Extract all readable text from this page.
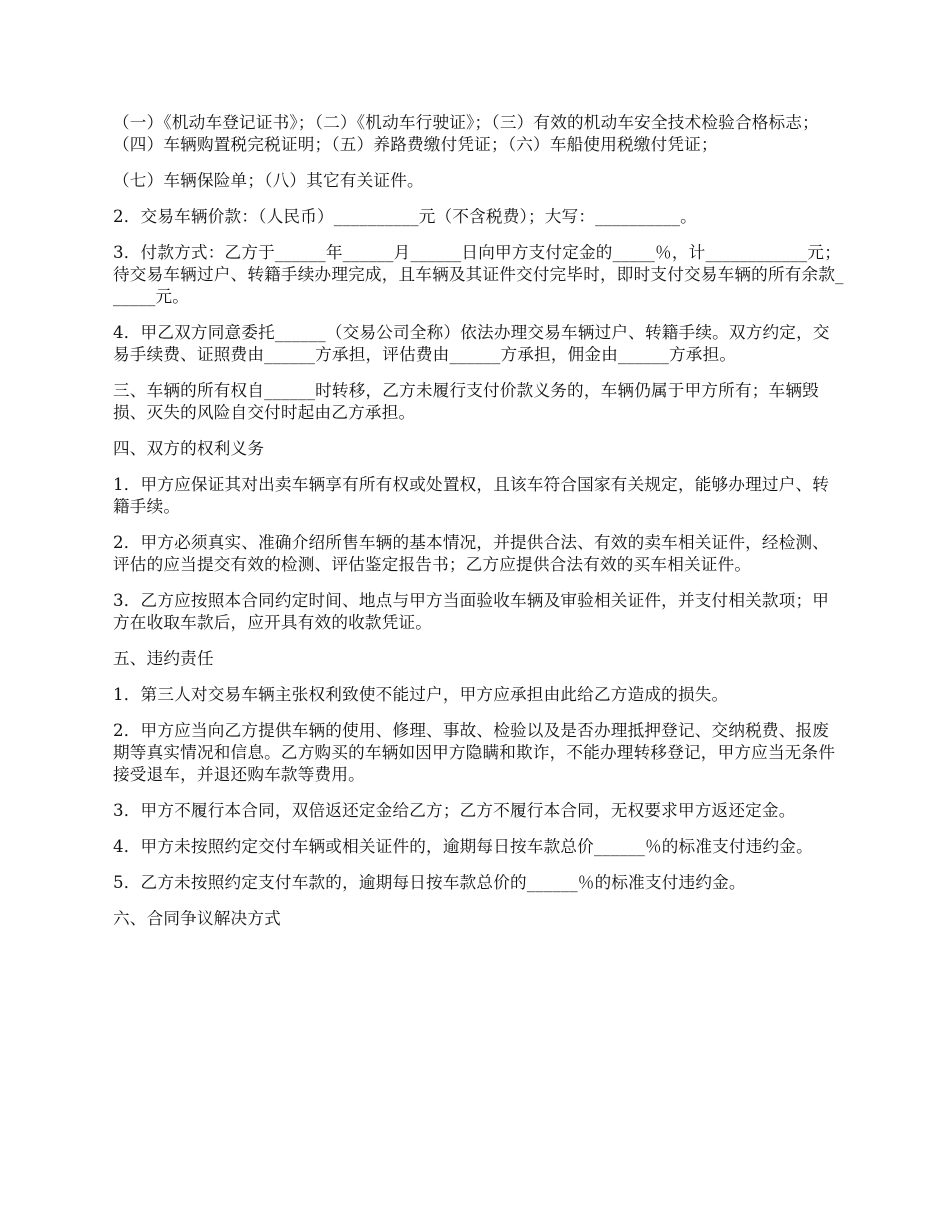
（一）《机动车登记证书》；（二）《机动车行驶证》；（三）有效的机动车安全技术检验合格标志；（四）车辆购置税完税证明；（五）养路费缴付凭证；（六）车船使用税缴付凭证；

（七）车辆保险单；（八）其它有关证件。

2．交易车辆价款：（人民币）__________元（不含税费）；大写：__________。

3．付款方式：乙方于______年______月______日向甲方支付定金的_____％，计____________元；待交易车辆过户、转籍手续办理完成，且车辆及其证件交付完毕时，即时支付交易车辆的所有余款______元。

4．甲乙双方同意委托______（交易公司全称）依法办理交易车辆过户、转籍手续。双方约定，交易手续费、证照费由______方承担，评估费由______方承担，佣金由______方承担。

三、车辆的所有权自______时转移，乙方未履行支付价款义务的，车辆仍属于甲方所有；车辆毁损、灭失的风险自交付时起由乙方承担。

四、双方的权利义务

1．甲方应保证其对出卖车辆享有所有权或处置权，且该车符合国家有关规定，能够办理过户、转籍手续。

2．甲方必须真实、准确介绍所售车辆的基本情况，并提供合法、有效的卖车相关证件，经检测、评估的应当提交有效的检测、评估鉴定报告书；乙方应提供合法有效的买车相关证件。

3．乙方应按照本合同约定时间、地点与甲方当面验收车辆及审验相关证件，并支付相关款项；甲方在收取车款后，应开具有效的收款凭证。

五、违约责任

1．第三人对交易车辆主张权利致使不能过户，甲方应承担由此给乙方造成的损失。

2．甲方应当向乙方提供车辆的使用、修理、事故、检验以及是否办理抵押登记、交纳税费、报废期等真实情况和信息。乙方购买的车辆如因甲方隐瞒和欺诈，不能办理转移登记，甲方应当无条件接受退车，并退还购车款等费用。

3．甲方不履行本合同，双倍返还定金给乙方；乙方不履行本合同，无权要求甲方返还定金。

4．甲方未按照约定交付车辆或相关证件的，逾期每日按车款总价______％的标准支付违约金。

5．乙方未按照约定支付车款的，逾期每日按车款总价的______％的标准支付违约金。

六、合同争议解决方式
